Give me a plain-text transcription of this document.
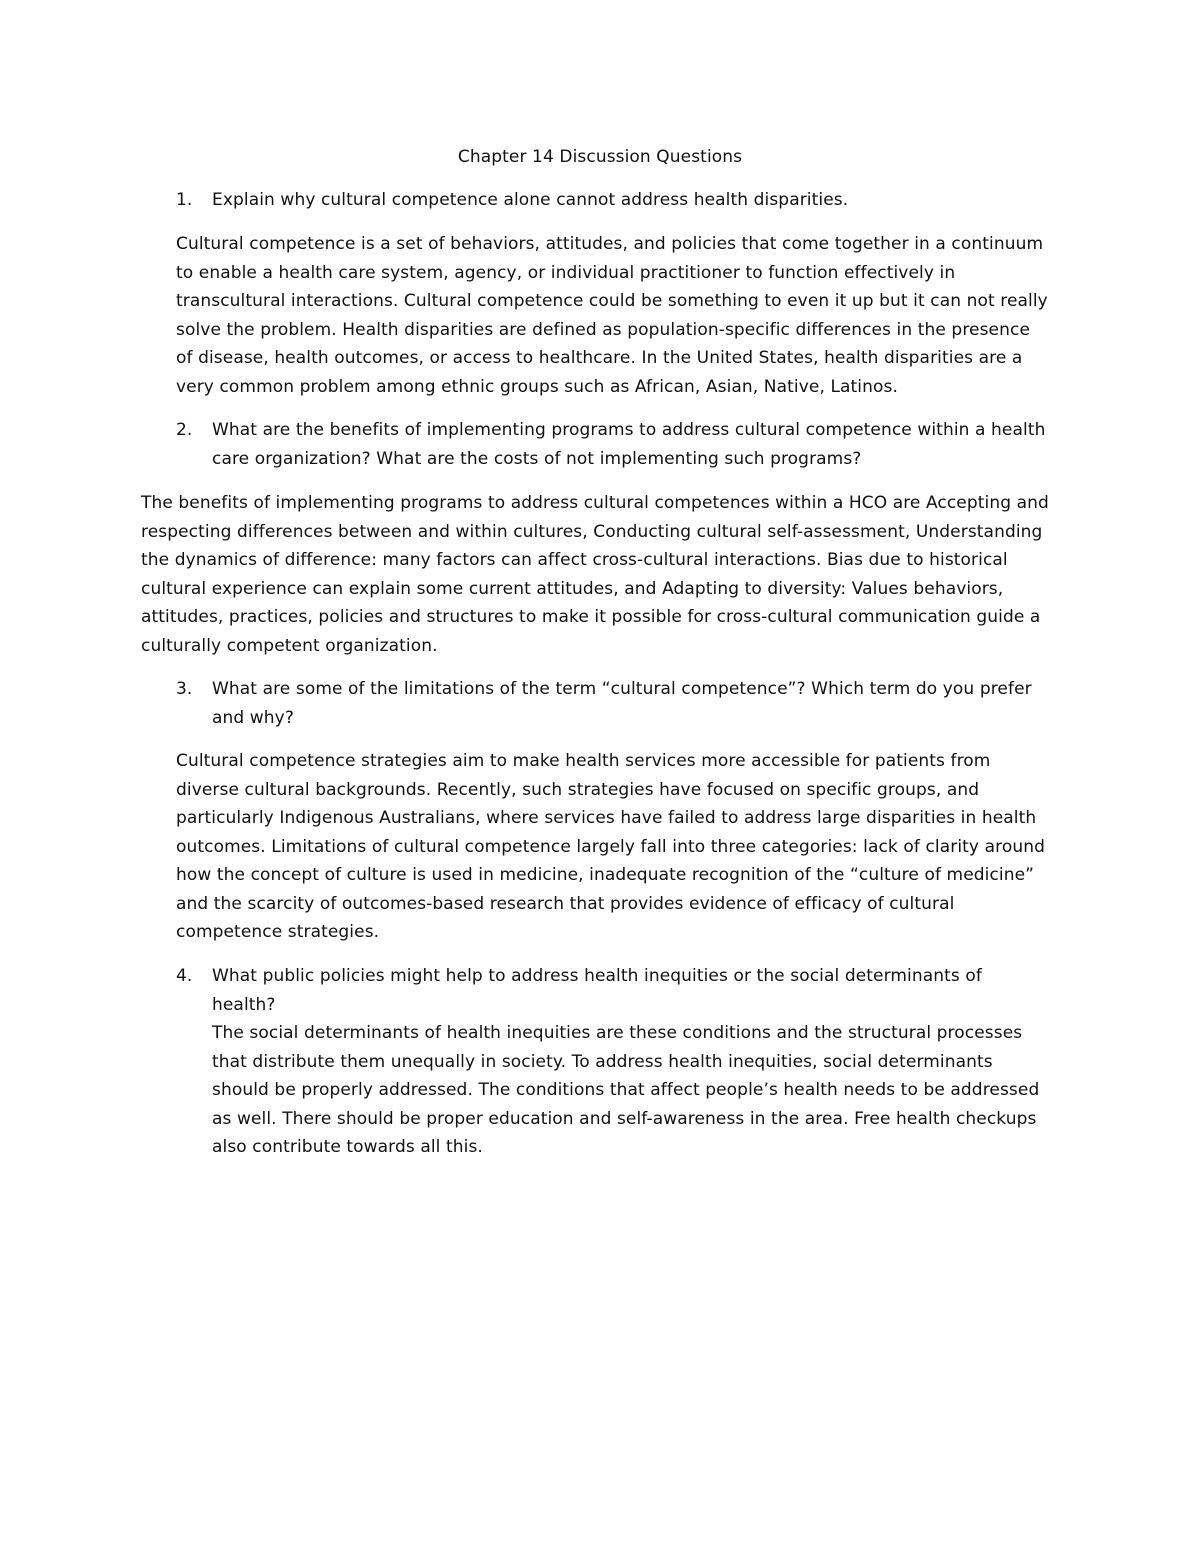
Chapter 14 Discussion Questions
1. Explain why cultural competence alone cannot address health disparities.
Cultural competence is a set of behaviors, attitudes, and policies that come together in a continuum
to enable a health care system, agency, or individual practitioner to function effectively in
transcultural interactions. Cultural competence could be something to even it up but it can not really
solve the problem. Health disparities are defined as population-specific differences in the presence
of disease, health outcomes, or access to healthcare. In the United States, health disparities are a
very common problem among ethnic groups such as African, Asian, Native, Latinos.
2. What are the benefits of implementing programs to address cultural competence within a health
care organization? What are the costs of not implementing such programs?
The benefits of implementing programs to address cultural competences within a HCO are Accepting and
respecting differences between and within cultures, Conducting cultural self-assessment, Understanding
the dynamics of difference: many factors can affect cross-cultural interactions. Bias due to historical
cultural experience can explain some current attitudes, and Adapting to diversity: Values behaviors,
attitudes, practices, policies and structures to make it possible for cross-cultural communication guide a
culturally competent organization.
3. What are some of the limitations of the term “cultural competence”? Which term do you prefer
and why?
Cultural competence strategies aim to make health services more accessible for patients from
diverse cultural backgrounds. Recently, such strategies have focused on specific groups, and
particularly Indigenous Australians, where services have failed to address large disparities in health
outcomes. Limitations of cultural competence largely fall into three categories: lack of clarity around
how the concept of culture is used in medicine, inadequate recognition of the “culture of medicine”
and the scarcity of outcomes-based research that provides evidence of efficacy of cultural
competence strategies.
4. What public policies might help to address health inequities or the social determinants of
health?
The social determinants of health inequities are these conditions and the structural processes
that distribute them unequally in society. To address health inequities, social determinants
should be properly addressed. The conditions that affect people’s health needs to be addressed
as well. There should be proper education and self-awareness in the area. Free health checkups
also contribute towards all this.
